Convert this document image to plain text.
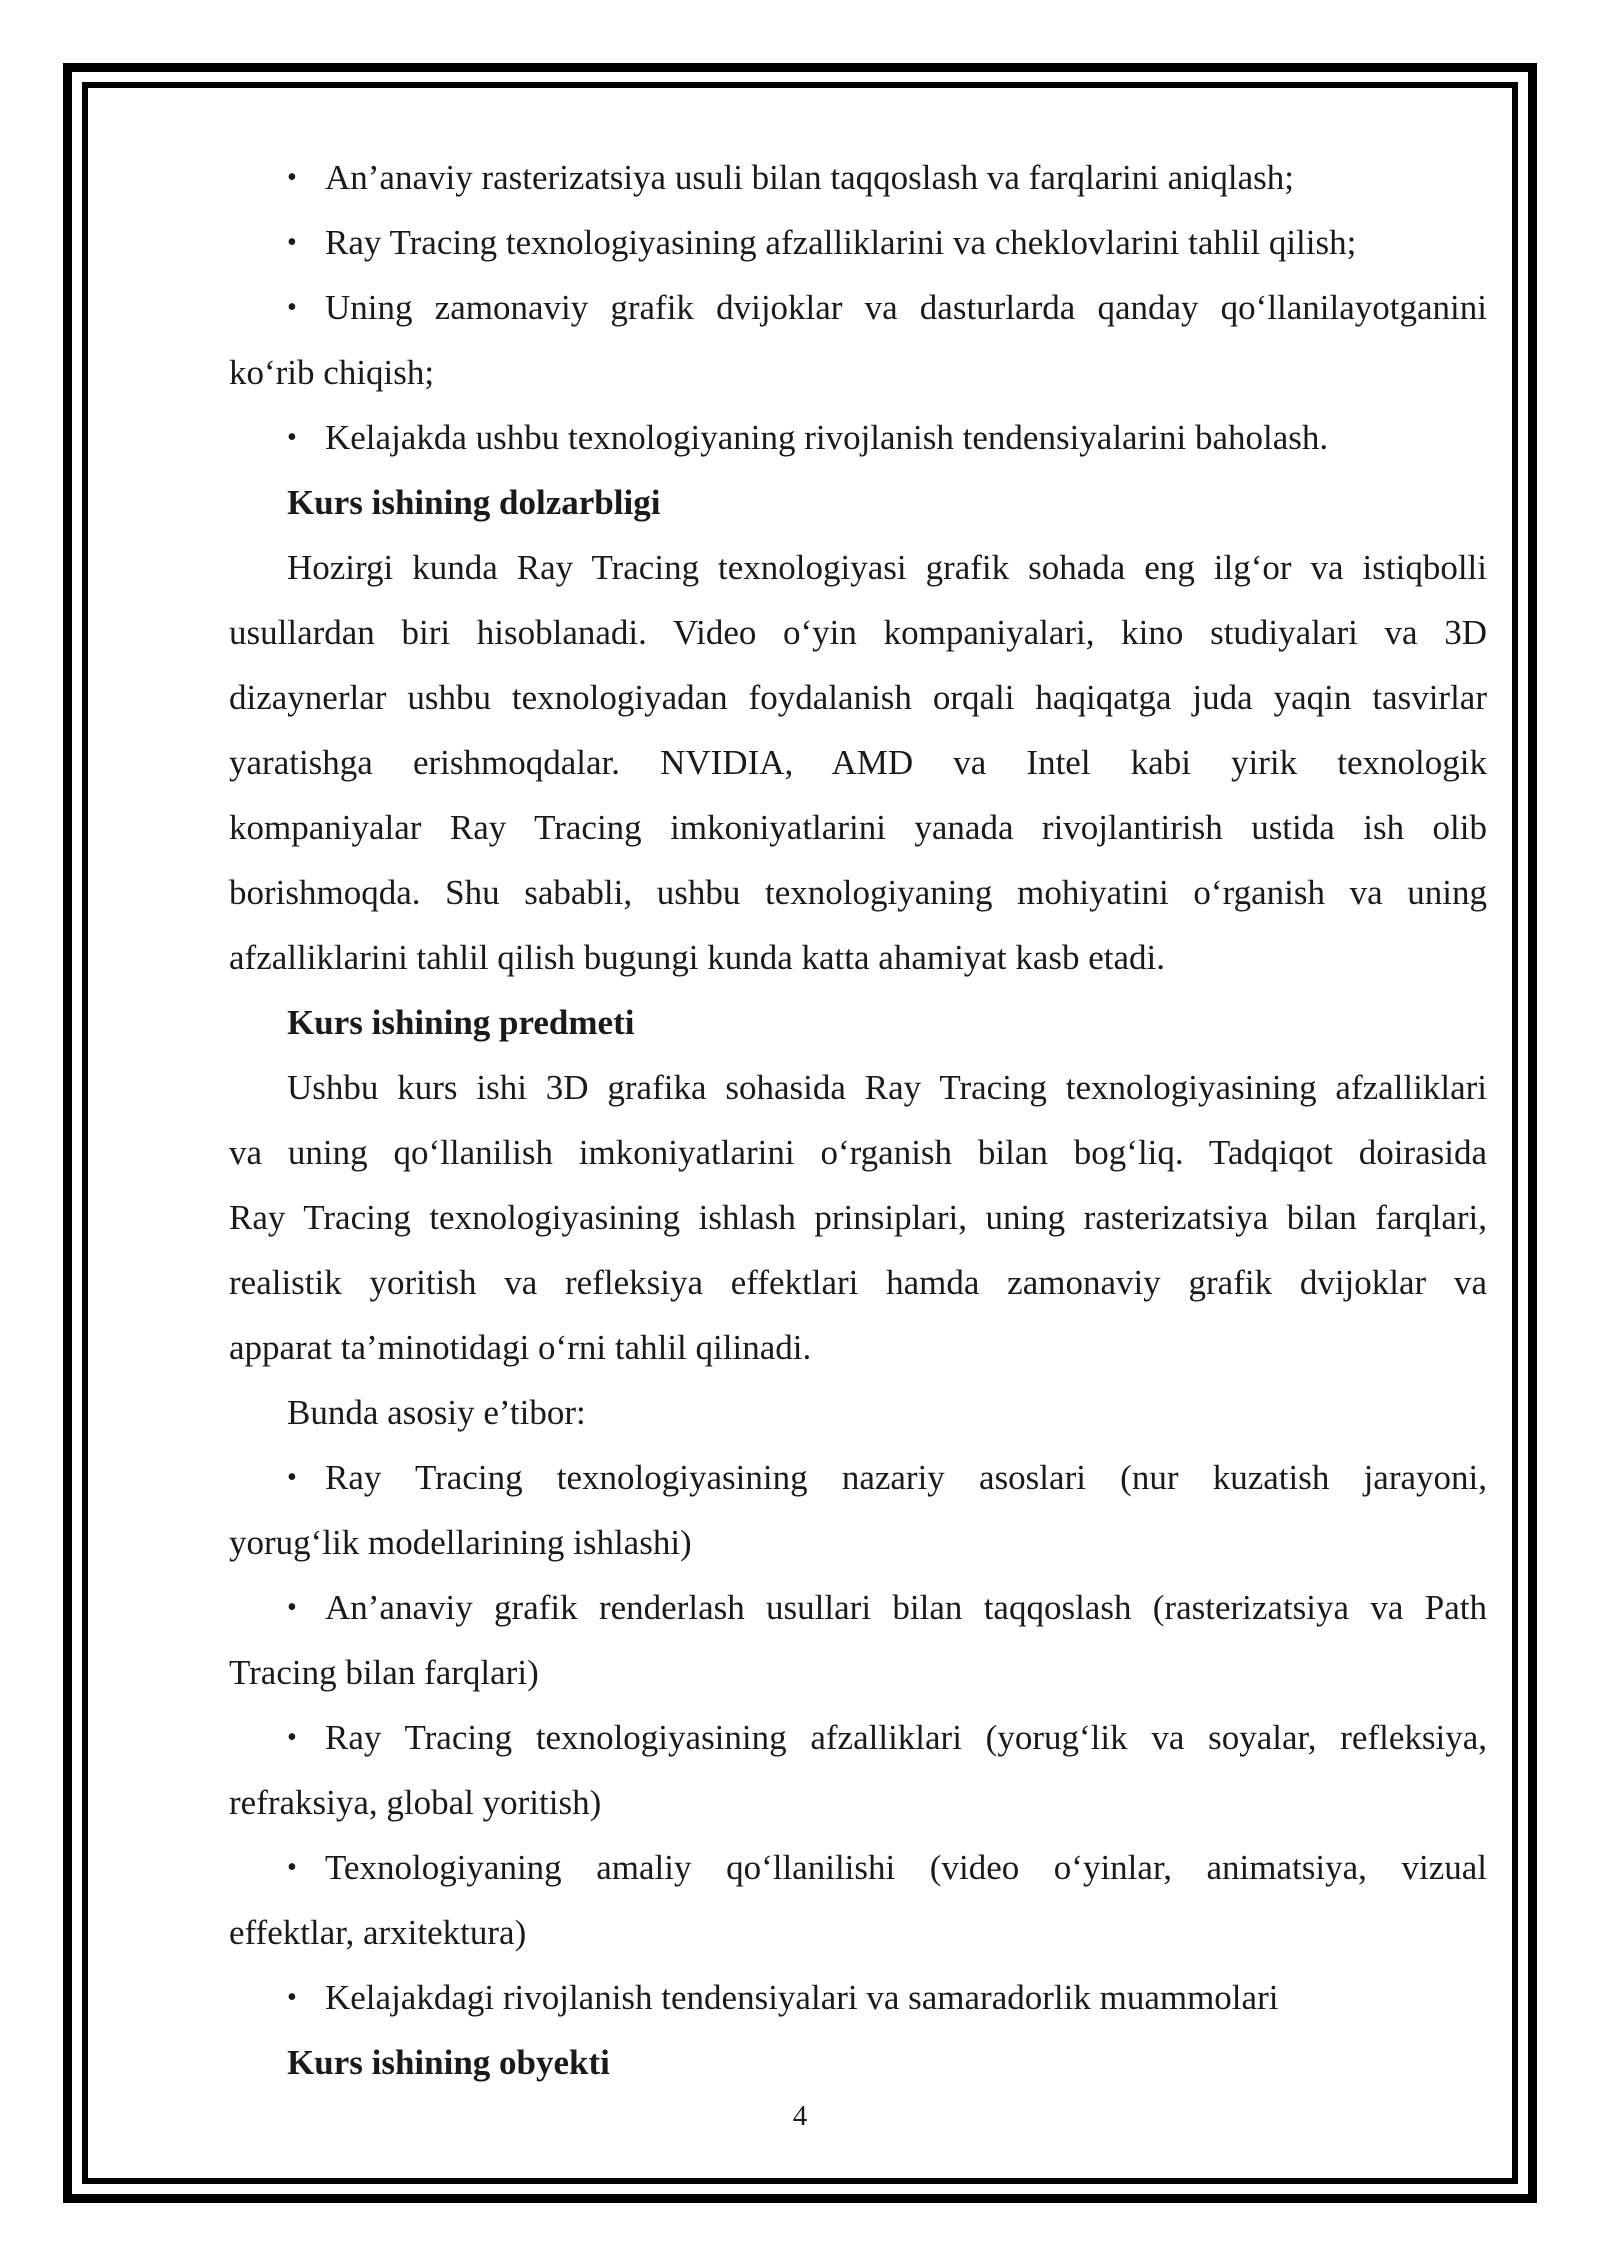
• An’anaviy rasterizatsiya usuli bilan taqqoslash va farqlarini aniqlash;
• Ray Tracing texnologiyasining afzalliklarini va cheklovlarini tahlil qilish;
• Uning zamonaviy grafik dvijoklar va dasturlarda qanday qo‘llanilayotganini
ko‘rib chiqish;
• Kelajakda ushbu texnologiyaning rivojlanish tendensiyalarini baholash.
Kurs ishining dolzarbligi
Hozirgi kunda Ray Tracing texnologiyasi grafik sohada eng ilg‘or va istiqbolli
usullardan biri hisoblanadi. Video o‘yin kompaniyalari, kino studiyalari va 3D
dizaynerlar ushbu texnologiyadan foydalanish orqali haqiqatga juda yaqin tasvirlar
yaratishga erishmoqdalar. NVIDIA, AMD va Intel kabi yirik texnologik
kompaniyalar Ray Tracing imkoniyatlarini yanada rivojlantirish ustida ish olib
borishmoqda. Shu sababli, ushbu texnologiyaning mohiyatini o‘rganish va uning
afzalliklarini tahlil qilish bugungi kunda katta ahamiyat kasb etadi.
Kurs ishining predmeti
Ushbu kurs ishi 3D grafika sohasida Ray Tracing texnologiyasining afzalliklari
va uning qo‘llanilish imkoniyatlarini o‘rganish bilan bog‘liq. Tadqiqot doirasida
Ray Tracing texnologiyasining ishlash prinsiplari, uning rasterizatsiya bilan farqlari,
realistik yoritish va refleksiya effektlari hamda zamonaviy grafik dvijoklar va
apparat ta’minotidagi o‘rni tahlil qilinadi.
Bunda asosiy e’tibor:
• Ray Tracing texnologiyasining nazariy asoslari (nur kuzatish jarayoni,
yorug‘lik modellarining ishlashi)
• An’anaviy grafik renderlash usullari bilan taqqoslash (rasterizatsiya va Path
Tracing bilan farqlari)
• Ray Tracing texnologiyasining afzalliklari (yorug‘lik va soyalar, refleksiya,
refraksiya, global yoritish)
• Texnologiyaning amaliy qo‘llanilishi (video o‘yinlar, animatsiya, vizual
effektlar, arxitektura)
• Kelajakdagi rivojlanish tendensiyalari va samaradorlik muammolari
Kurs ishining obyekti
4
